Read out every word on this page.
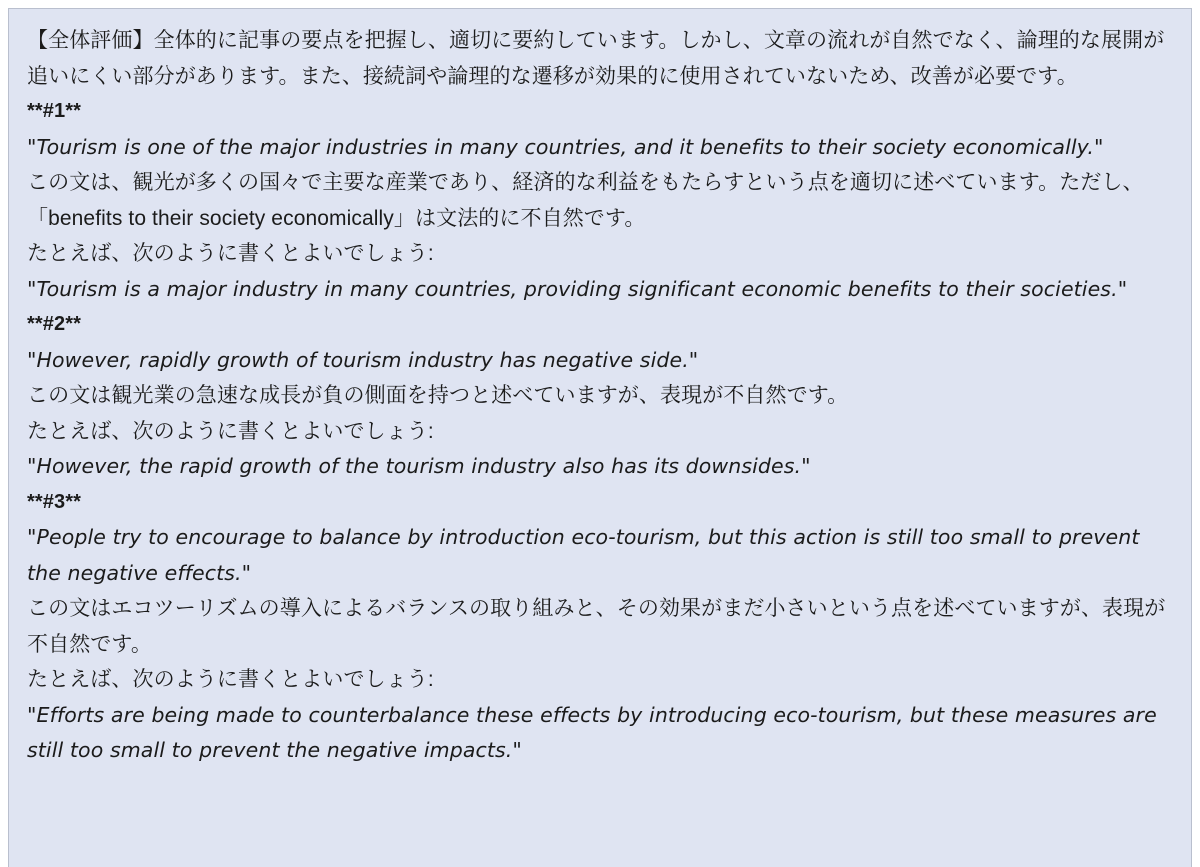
【全体評価】全体的に記事の要点を把握し、適切に要約しています。しかし、文章の流れが自然でなく、論理的な展開が追いにくい部分があります。また、接続詞や論理的な遷移が効果的に使用されていないため、改善が必要です。
**#1**
"Tourism is one of the major industries in many countries, and it benefits to their society economically."
この文は、観光が多くの国々で主要な産業であり、経済的な利益をもたらすという点を適切に述べています。ただし、「benefits to their society economically」は文法的に不自然です。
たとえば、次のように書くとよいでしょう:
"Tourism is a major industry in many countries, providing significant economic benefits to their societies."
**#2**
"However, rapidly growth of tourism industry has negative side."
この文は観光業の急速な成長が負の側面を持つと述べていますが、表現が不自然です。
たとえば、次のように書くとよいでしょう:
"However, the rapid growth of the tourism industry also has its downsides."
**#3**
"People try to encourage to balance by introduction eco-tourism, but this action is still too small to prevent the negative effects."
この文はエコツーリズムの導入によるバランスの取り組みと、その効果がまだ小さいという点を述べていますが、表現が不自然です。
たとえば、次のように書くとよいでしょう:
"Efforts are being made to counterbalance these effects by introducing eco-tourism, but these measures are still too small to prevent the negative impacts."
